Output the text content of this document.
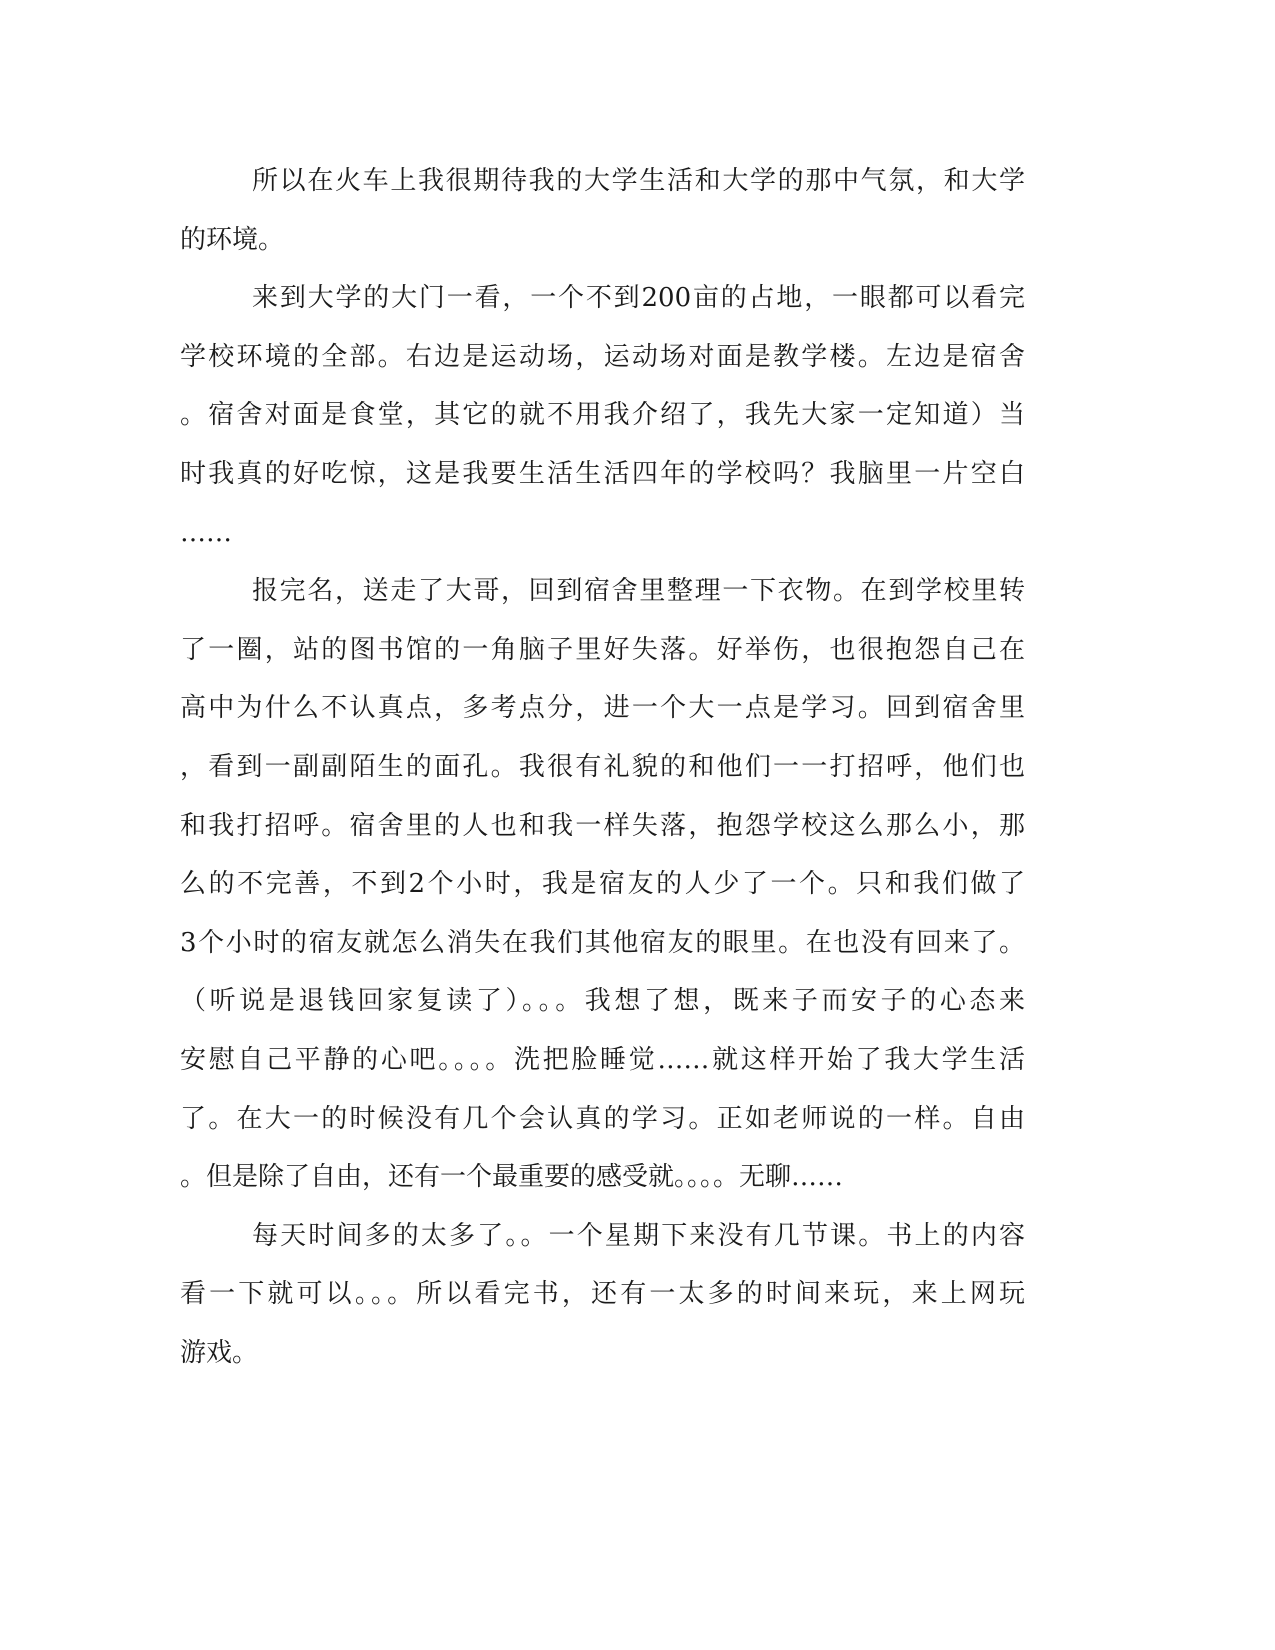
所以在火车上我很期待我的大学生活和大学的那中气氛，和大学
的环境。
来到大学的大门一看，一个不到200亩的占地，一眼都可以看完
学校环境的全部。右边是运动场，运动场对面是教学楼。左边是宿舍
。宿舍对面是食堂，其它的就不用我介绍了，我先大家一定知道）当
时我真的好吃惊，这是我要生活生活四年的学校吗？我脑里一片空白
……
报完名，送走了大哥，回到宿舍里整理一下衣物。在到学校里转
了一圈，站的图书馆的一角脑子里好失落。好举伤，也很抱怨自己在
高中为什么不认真点，多考点分，进一个大一点是学习。回到宿舍里
，看到一副副陌生的面孔。我很有礼貌的和他们一一打招呼，他们也
和我打招呼。宿舍里的人也和我一样失落，抱怨学校这么那么小，那
么的不完善，不到2个小时，我是宿友的人少了一个。只和我们做了
3个小时的宿友就怎么消失在我们其他宿友的眼里。在也没有回来了。
（听说是退钱回家复读了）。。。我想了想，既来子而安子的心态来
安慰自己平静的心吧。。。。洗把脸睡觉……就这样开始了我大学生活
了。在大一的时候没有几个会认真的学习。正如老师说的一样。自由
。但是除了自由，还有一个最重要的感受就。。。。无聊……
每天时间多的太多了。。一个星期下来没有几节课。书上的内容
看一下就可以。。。所以看完书，还有一太多的时间来玩，来上网玩
游戏。
